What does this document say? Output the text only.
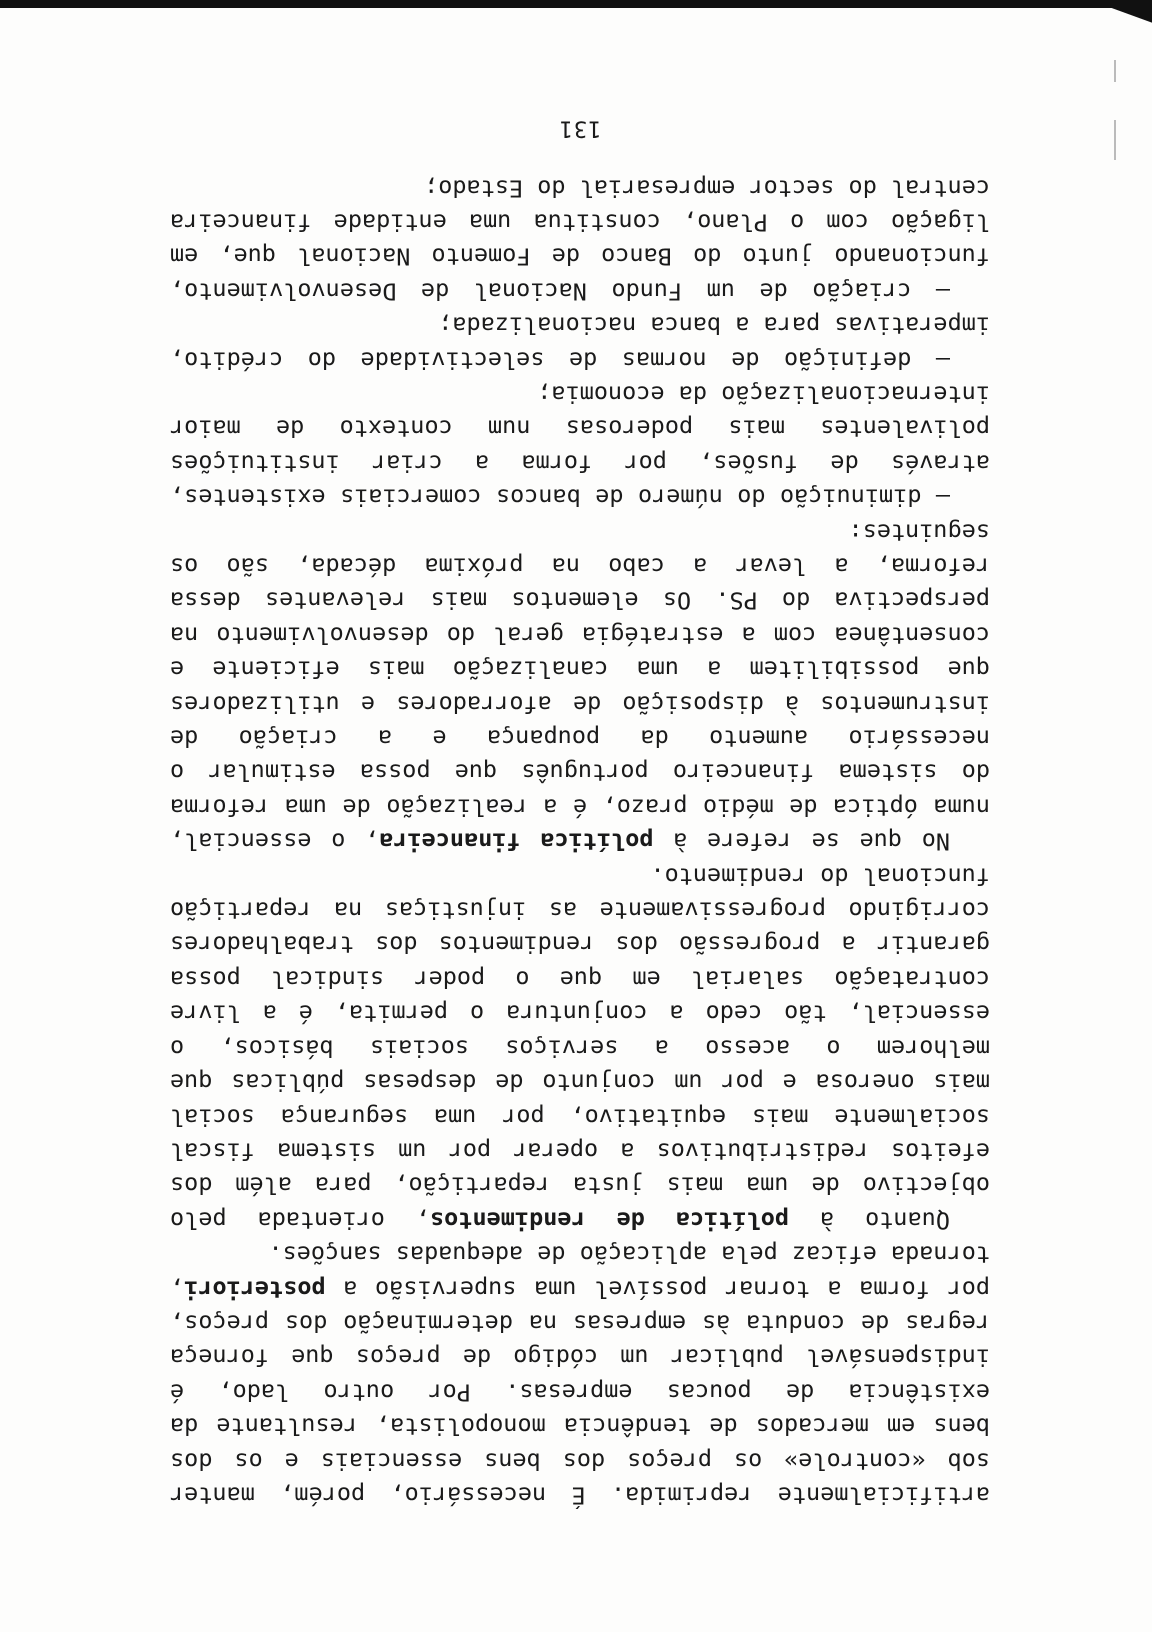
artificialmente reprimida. É necessário, porém, manter sob «controle» os preços dos bens essenciais e os dos bens em mercados de tendência monopolista, resultante da existência de poucas empresas. Por outro lado, é indispensável publicar um código de preços que forneça regras de conduta às empresas na determinação dos preços, por forma a tornar possível uma supervisão a posteriori, tornada eficaz pela aplicação de adequadas sanções.

Quanto à política de rendimentos, orientada pelo objectivo de uma mais justa repartição, para além dos efeitos redistributivos a operar por um sistema fiscal socialmente mais equitativo, por uma segurança social mais onerosa e por um conjunto de despesas públicas que melhorem o acesso a serviços sociais básicos, o essencial, tão cedo a conjuntura o permita, é a livre contratação salarial em que o poder sindical possa garantir a progressão dos rendimentos dos trabalhadores corrigindo progressivamente as injustiças na repartição funcional do rendimento.

No que se refere à política financeira, o essencial, numa óptica de médio prazo, é a realização de uma reforma do sistema financeiro português que possa estimular o necessário aumento da poupança e a criação de instrumentos à disposição de aforradores e utilizadores que possibilitem a uma canalização mais eficiente e consentânea com a estratégia geral do desenvolvimento na perspectiva do PS. Os elementos mais relevantes dessa reforma, a levar a cabo na próxima década, são os seguintes:

— diminuição do número de bancos comerciais existentes, através de fusões, por forma a criar instituições polivalentes mais poderosas num contexto de maior internacionalização da economia;

— definição de normas de selectividade do crédito, imperativas para a banca nacionalizada;

— criação de um Fundo Nacional de Desenvolvimento, funcionando junto do Banco de Fomento Nacional que, em ligação com o Plano, constitua uma entidade financeira central do sector empresarial do Estado;

131
